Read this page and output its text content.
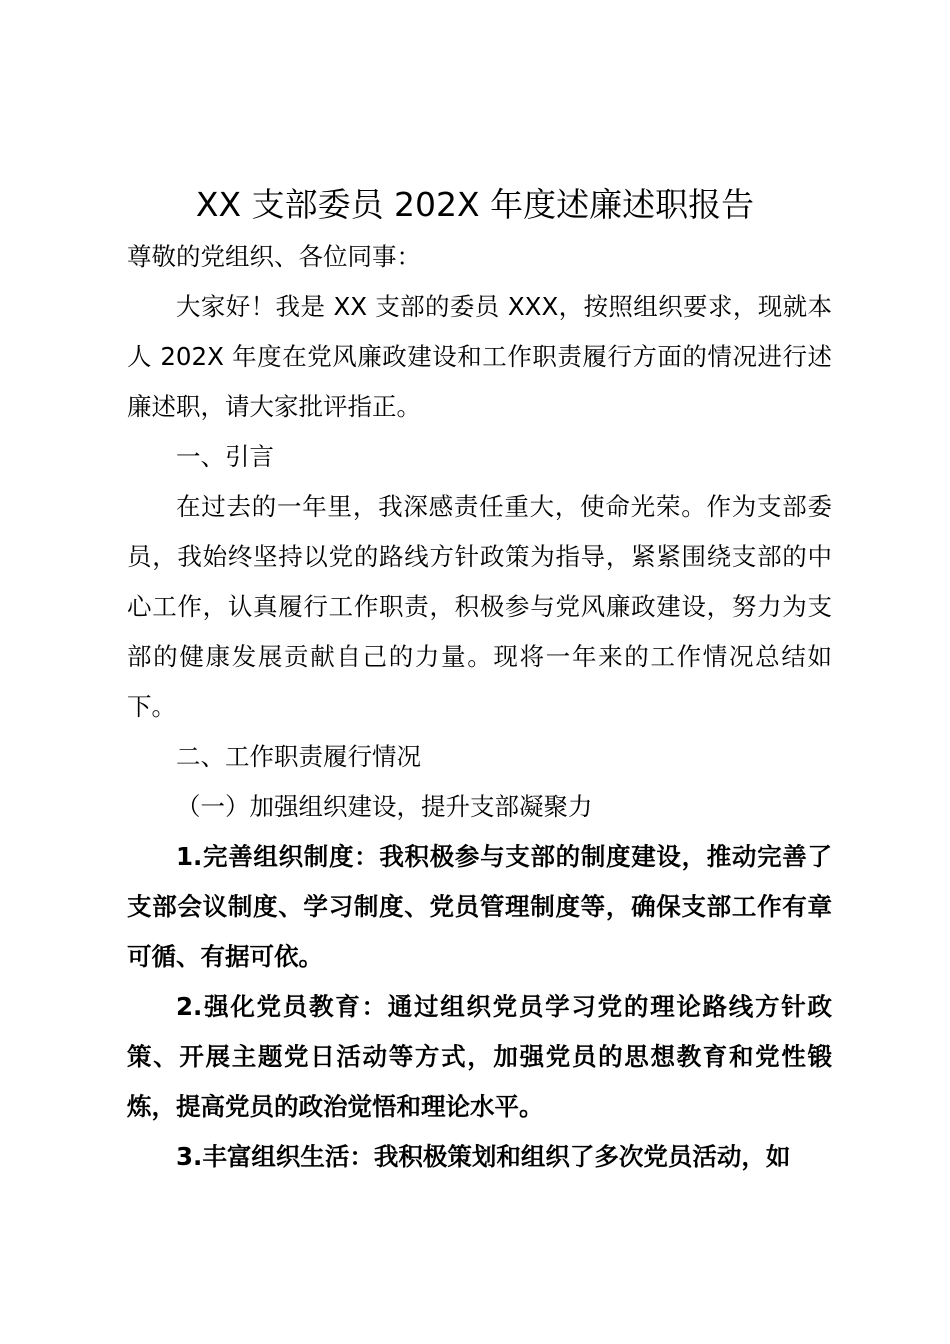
XX 支部委员 202X 年度述廉述职报告

尊敬的党组织、各位同事：

大家好！我是 XX 支部的委员 XXX，按照组织要求，现就本人 202X 年度在党风廉政建设和工作职责履行方面的情况进行述廉述职，请大家批评指正。

一、引言

在过去的一年里，我深感责任重大，使命光荣。作为支部委员，我始终坚持以党的路线方针政策为指导，紧紧围绕支部的中心工作，认真履行工作职责，积极参与党风廉政建设，努力为支部的健康发展贡献自己的力量。现将一年来的工作情况总结如下。

二、工作职责履行情况

（一）加强组织建设，提升支部凝聚力

1.完善组织制度：我积极参与支部的制度建设，推动完善了支部会议制度、学习制度、党员管理制度等，确保支部工作有章可循、有据可依。

2.强化党员教育：通过组织党员学习党的理论路线方针政策、开展主题党日活动等方式，加强党员的思想教育和党性锻炼，提高党员的政治觉悟和理论水平。

3.丰富组织生活：我积极策划和组织了多次党员活动，如
